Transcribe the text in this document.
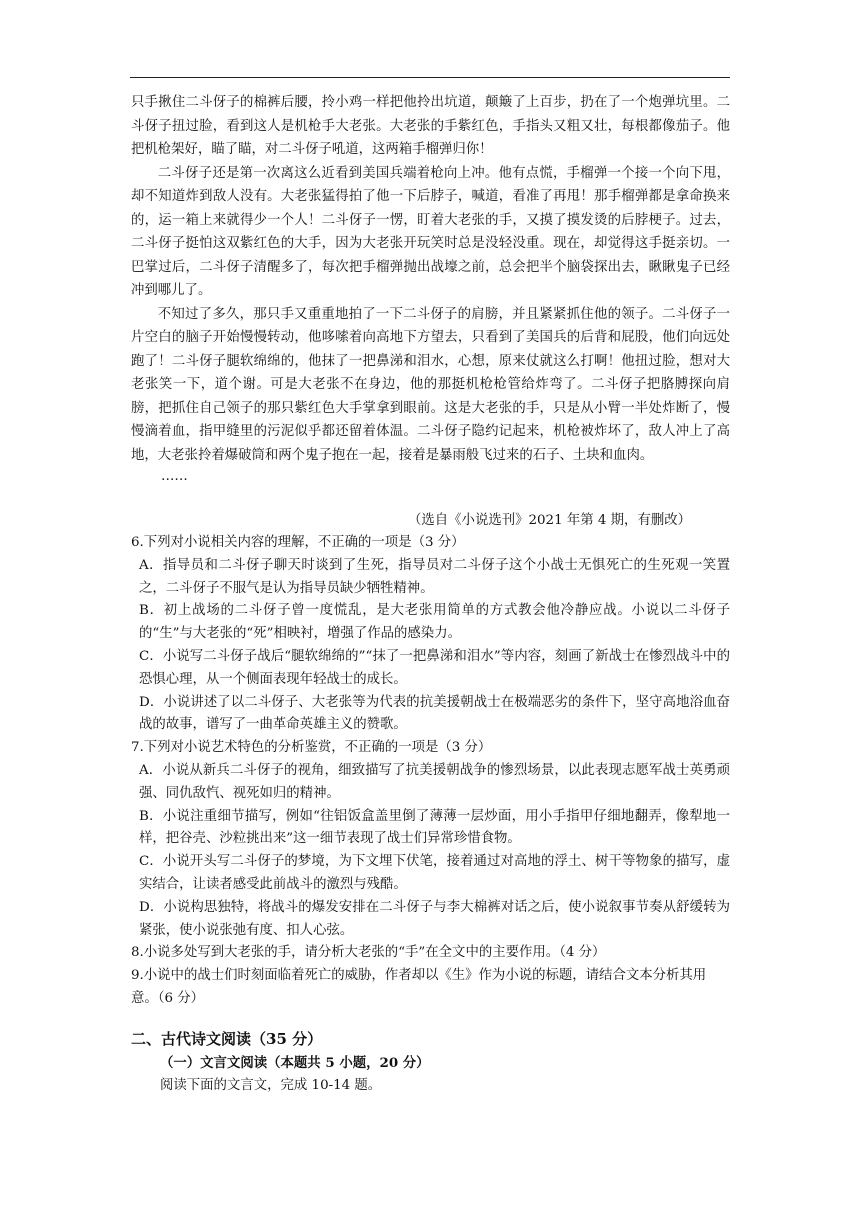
只手揪住二斗伢子的棉裤后腰，拎小鸡一样把他拎出坑道，颠簸了上百步，扔在了一个炮弹坑里。二斗伢子扭过脸，看到这人是机枪手大老张。大老张的手紫红色，手指头又粗又壮，每根都像茄子。他把机枪架好，瞄了瞄，对二斗伢子吼道，这两箱手榴弹归你！

二斗伢子还是第一次离这么近看到美国兵端着枪向上冲。他有点慌，手榴弹一个接一个向下甩，却不知道炸到敌人没有。大老张猛得拍了他一下后脖子，喊道，看准了再甩！那手榴弹都是拿命换来的，运一箱上来就得少一个人！二斗伢子一愣，盯着大老张的手，又摸了摸发烫的后脖梗子。过去，二斗伢子挺怕这双紫红色的大手，因为大老张开玩笑时总是没轻没重。现在，却觉得这手挺亲切。一巴掌过后，二斗伢子清醒多了，每次把手榴弹抛出战壕之前，总会把半个脑袋探出去，瞅瞅鬼子已经冲到哪儿了。

不知过了多久，那只手又重重地拍了一下二斗伢子的肩膀，并且紧紧抓住他的领子。二斗伢子一片空白的脑子开始慢慢转动，他哆嗦着向高地下方望去，只看到了美国兵的后背和屁股，他们向远处跑了！二斗伢子腿软绵绵的，他抹了一把鼻涕和泪水，心想，原来仗就这么打啊！他扭过脸，想对大老张笑一下，道个谢。可是大老张不在身边，他的那挺机枪枪管给炸弯了。二斗伢子把胳膊探向肩膀，把抓住自己领子的那只紫红色大手掌拿到眼前。这是大老张的手，只是从小臂一半处炸断了，慢慢滴着血，指甲缝里的污泥似乎都还留着体温。二斗伢子隐约记起来，机枪被炸坏了，敌人冲上了高地，大老张拎着爆破筒和两个鬼子抱在一起，接着是暴雨般飞过来的石子、土块和血肉。

……

（选自《小说选刊》2021 年第 4 期，有删改）

6.下列对小说相关内容的理解，不正确的一项是（3 分）

A．指导员和二斗伢子聊天时谈到了生死，指导员对二斗伢子这个小战士无惧死亡的生死观一笑置之，二斗伢子不服气是认为指导员缺少牺牲精神。

B．初上战场的二斗伢子曾一度慌乱，是大老张用简单的方式教会他冷静应战。小说以二斗伢子的“生”与大老张的“死”相映衬，增强了作品的感染力。

C．小说写二斗伢子战后“腿软绵绵的”“抹了一把鼻涕和泪水”等内容，刻画了新战士在惨烈战斗中的恐惧心理，从一个侧面表现年轻战士的成长。

D．小说讲述了以二斗伢子、大老张等为代表的抗美援朝战士在极端恶劣的条件下，坚守高地浴血奋战的故事，谱写了一曲革命英雄主义的赞歌。

7.下列对小说艺术特色的分析鉴赏，不正确的一项是（3 分）

A．小说从新兵二斗伢子的视角，细致描写了抗美援朝战争的惨烈场景，以此表现志愿军战士英勇顽强、同仇敌忾、视死如归的精神。

B．小说注重细节描写，例如“往铝饭盒盖里倒了薄薄一层炒面，用小手指甲仔细地翻弄，像犁地一样，把谷壳、沙粒挑出来”这一细节表现了战士们异常珍惜食物。

C．小说开头写二斗伢子的梦境，为下文埋下伏笔，接着通过对高地的浮土、树干等物象的描写，虚实结合，让读者感受此前战斗的激烈与残酷。

D．小说构思独特，将战斗的爆发安排在二斗伢子与李大棉裤对话之后，使小说叙事节奏从舒缓转为紧张，使小说张弛有度、扣人心弦。

8.小说多处写到大老张的手，请分析大老张的“手”在全文中的主要作用。（4 分）

9.小说中的战士们时刻面临着死亡的威胁，作者却以《生》作为小说的标题，请结合文本分析其用意。（6 分）

二、古代诗文阅读（35 分）
（一）文言文阅读（本题共 5 小题，20 分）
阅读下面的文言文，完成 10-14 题。
